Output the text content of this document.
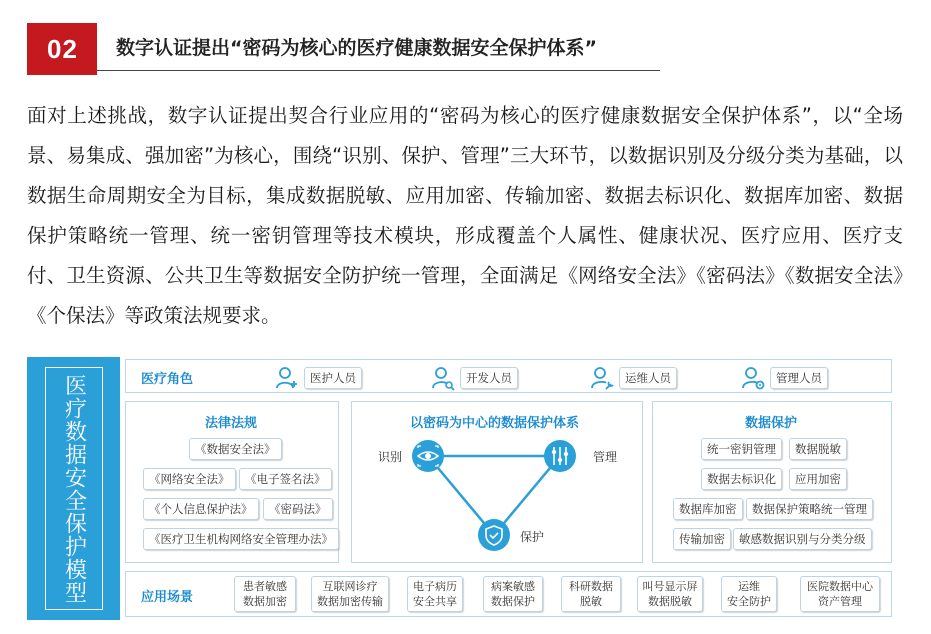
02	数字认证提出“密码为核心的医疗健康数据安全保护体系”

面对上述挑战，数字认证提出契合行业应用的“密码为核心的医疗健康数据安全保护体系”，以“全场景、易集成、强加密”为核心，围绕“识别、保护、管理”三大环节，以数据识别及分级分类为基础，以数据生命周期安全为目标，集成数据脱敏、应用加密、传输加密、数据去标识化、数据库加密、数据保护策略统一管理、统一密钥管理等技术模块，形成覆盖个人属性、健康状况、医疗应用、医疗支付、卫生资源、公共卫生等数据安全防护统一管理，全面满足《网络安全法》《密码法》《数据安全法》《个保法》等政策法规要求。

医疗数据安全保护模型	医疗角色	医护人员	开发人员	运维人员	管理人员
法律法规
《数据安全法》
《网络安全法》	《电子签名法》
《个人信息保护法》	《密码法》
《医疗卫生机构网络安全管理办法》
以密码为中心的数据保护体系
识别	管理
保护
数据保护
统一密钥管理	数据脱敏
数据去标识化	应用加密
数据库加密	数据保护策略统一管理
传输加密	敏感数据识别与分类分级
应用场景
患者敏感
数据加密
互联网诊疗
数据加密传输
电子病历
安全共享
病案敏感
数据保护
科研数据
脱敏
叫号显示屏
数据脱敏
运维
安全防护
医院数据中心
资产管理
